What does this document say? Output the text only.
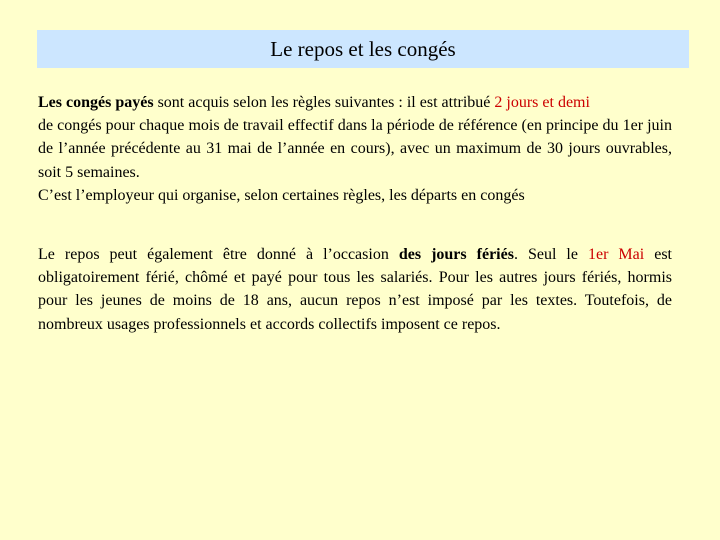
Le repos et les congés
Les congés payés sont acquis selon les règles suivantes : il est attribué 2 jours et demi
de congés pour chaque mois de travail effectif dans la période de référence (en principe du 1er juin de l’année précédente au 31 mai de l’année en cours), avec un maximum de 30 jours ouvrables, soit 5 semaines.
C’est l’employeur qui organise, selon certaines règles, les départs en congés
Le repos peut également être donné à l’occasion des jours fériés. Seul le 1er Mai est
obligatoirement férié, chômé et payé pour tous les salariés. Pour les autres jours fériés, hormis pour les jeunes de moins de 18 ans, aucun repos n’est imposé par les textes. Toutefois, de nombreux usages professionnels et accords collectifs imposent ce repos.
